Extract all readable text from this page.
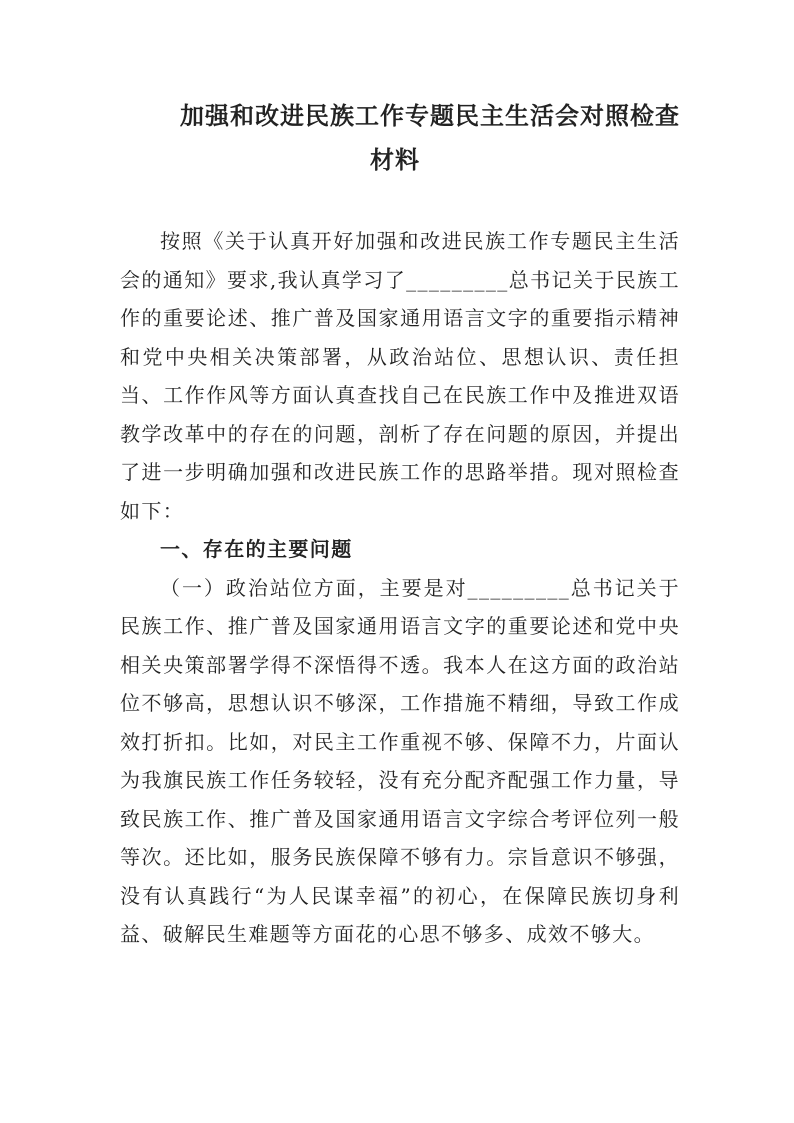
加强和改进民族工作专题民主生活会对照检查
材料

按照《关于认真开好加强和改进民族工作专题民主生活会的通知》要求,我认真学习了_________总书记关于民族工作的重要论述、推广普及国家通用语言文字的重要指示精神和党中央相关决策部署，从政治站位、思想认识、责任担当、工作作风等方面认真查找自己在民族工作中及推进双语教学改革中的存在的问题，剖析了存在问题的原因，并提出了进一步明确加强和改进民族工作的思路举措。现对照检查如下：

一、存在的主要问题

（一）政治站位方面，主要是对_________总书记关于民族工作、推广普及国家通用语言文字的重要论述和党中央相关央策部署学得不深悟得不透。我本人在这方面的政治站位不够高，思想认识不够深，工作措施不精细，导致工作成效打折扣。比如，对民主工作重视不够、保障不力，片面认为我旗民族工作任务较轻，没有充分配齐配强工作力量，导致民族工作、推广普及国家通用语言文字综合考评位列一般等次。还比如，服务民族保障不够有力。宗旨意识不够强，没有认真践行“为人民谋幸福”的初心，在保障民族切身利益、破解民生难题等方面花的心思不够多、成效不够大。
